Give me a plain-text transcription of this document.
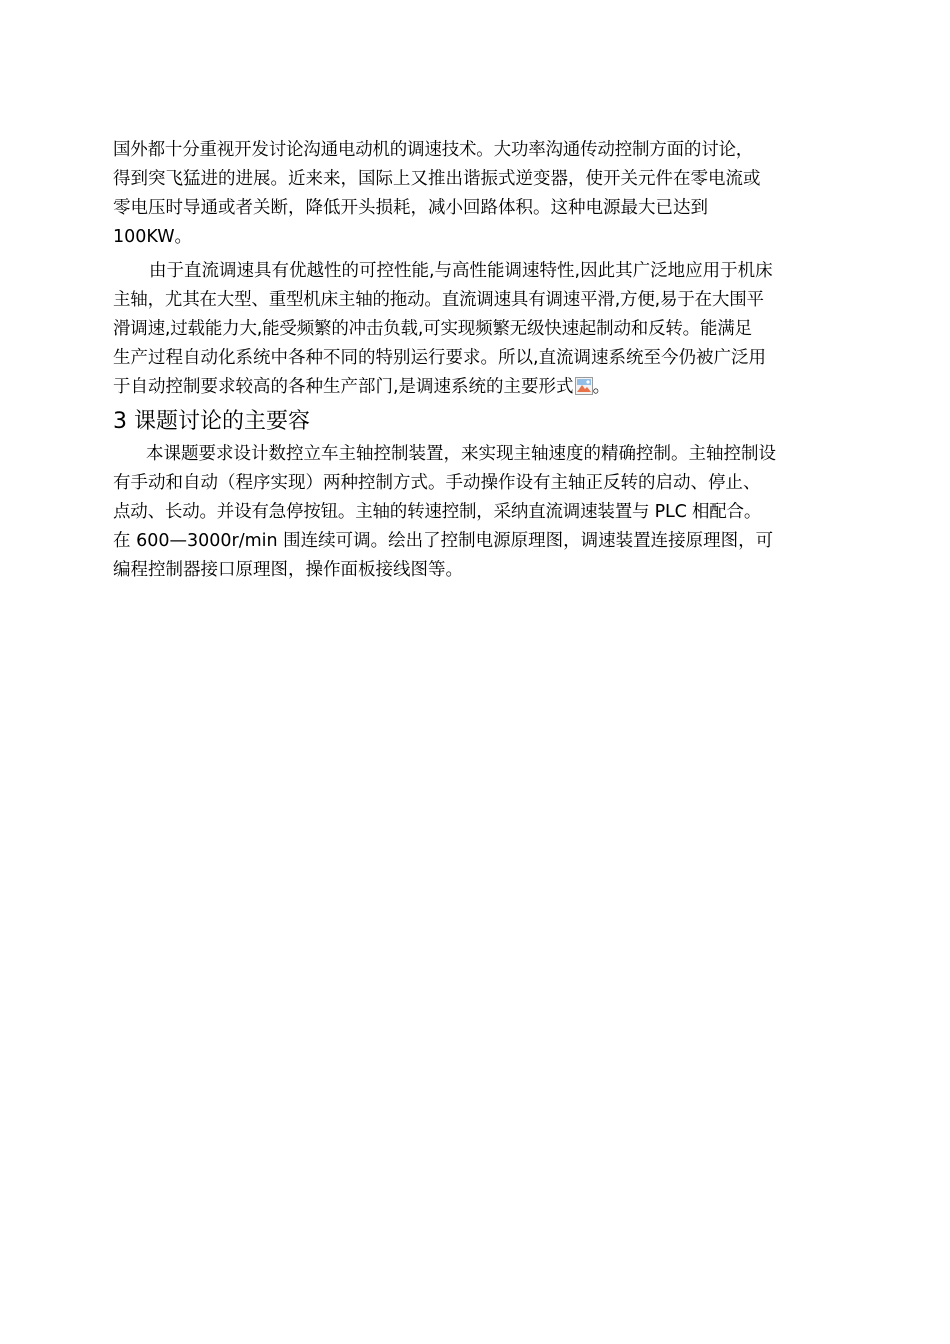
国外都十分重视开发讨论沟通电动机的调速技术。大功率沟通传动控制方面的讨论，
得到突飞猛进的进展。近来来，国际上又推出谐振式逆变器，使开关元件在零电流或
零电压时导通或者关断，降低开头损耗，减小回路体积。这种电源最大已达到
100KW。
由于直流调速具有优越性的可控性能,与高性能调速特性,因此其广泛地应用于机床
主轴，尤其在大型、重型机床主轴的拖动。直流调速具有调速平滑,方便,易于在大围平
滑调速,过载能力大,能受频繁的冲击负载,可实现频繁无级快速起制动和反转。能满足
生产过程自动化系统中各种不同的特别运行要求。所以,直流调速系统至今仍被广泛用
于自动控制要求较高的各种生产部门,是调速系统的主要形式 。
3 课题讨论的主要容
本课题要求设计数控立车主轴控制装置，来实现主轴速度的精确控制。主轴控制设
有手动和自动（程序实现）两种控制方式。手动操作设有主轴正反转的启动、停止、
点动、长动。并设有急停按钮。主轴的转速控制，采纳直流调速装置与 PLC 相配合。
在 600—3000r/min 围连续可调。绘出了控制电源原理图，调速装置连接原理图，可
编程控制器接口原理图，操作面板接线图等。
